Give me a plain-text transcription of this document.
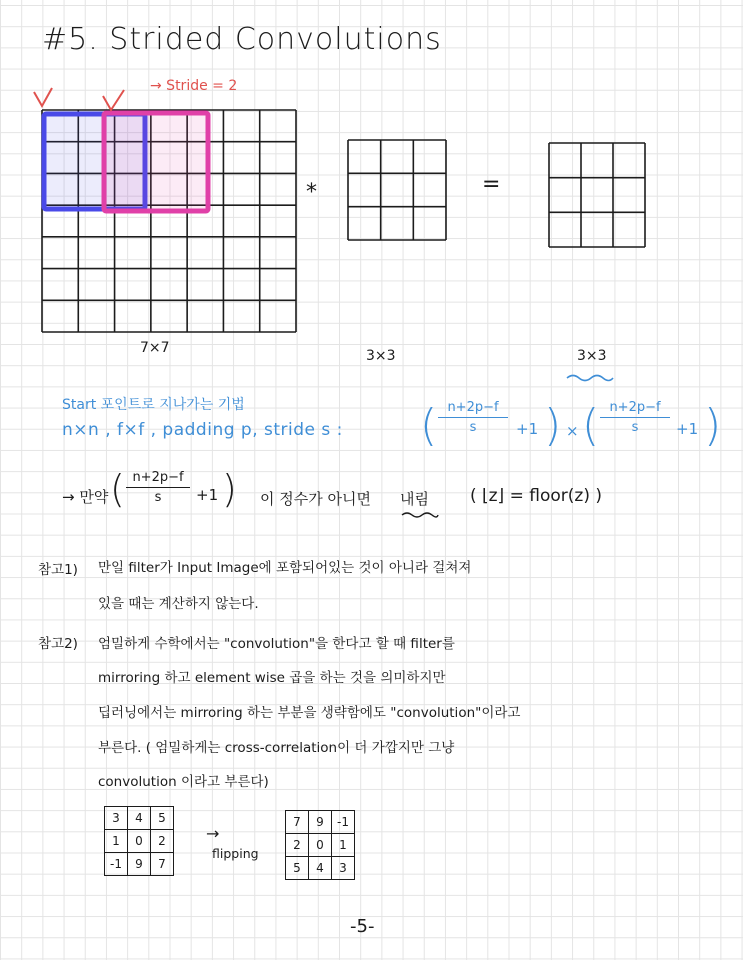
#5. Strided Convolutions
→ Stride = 2
*	=
7×7	3×3	3×3
Start 포인트로 지나가는 기법
n×n , f×f , padding p, stride s : ( n+2p−f
s	+1 ) × ( n+2p−f
s	+1 )
→ 만약 ( n+2p−f
s	+1 ) 이 정수가 아니면 내림 ( ⌊z⌋ = floor(z) )
참고1) 만일 filter가 Input Image에 포함되어있는 것이 아니라 걸쳐져
있을 때는 계산하지 않는다.
참고2) 엄밀하게 수학에서는 "convolution"을 한다고 할 때 filter를
mirroring 하고 element wise 곱을 하는 것을 의미하지만
딥러닝에서는 mirroring 하는 부분을 생략함에도 "convolution"이라고
부른다. ( 엄밀하게는 cross-correlation이 더 가깝지만 그냥
convolution 이라고 부른다)
3	4	5
1	0	2
-1	9	7
→
flipping
7	9	-1
2	0	1
5	4	3
-5-
